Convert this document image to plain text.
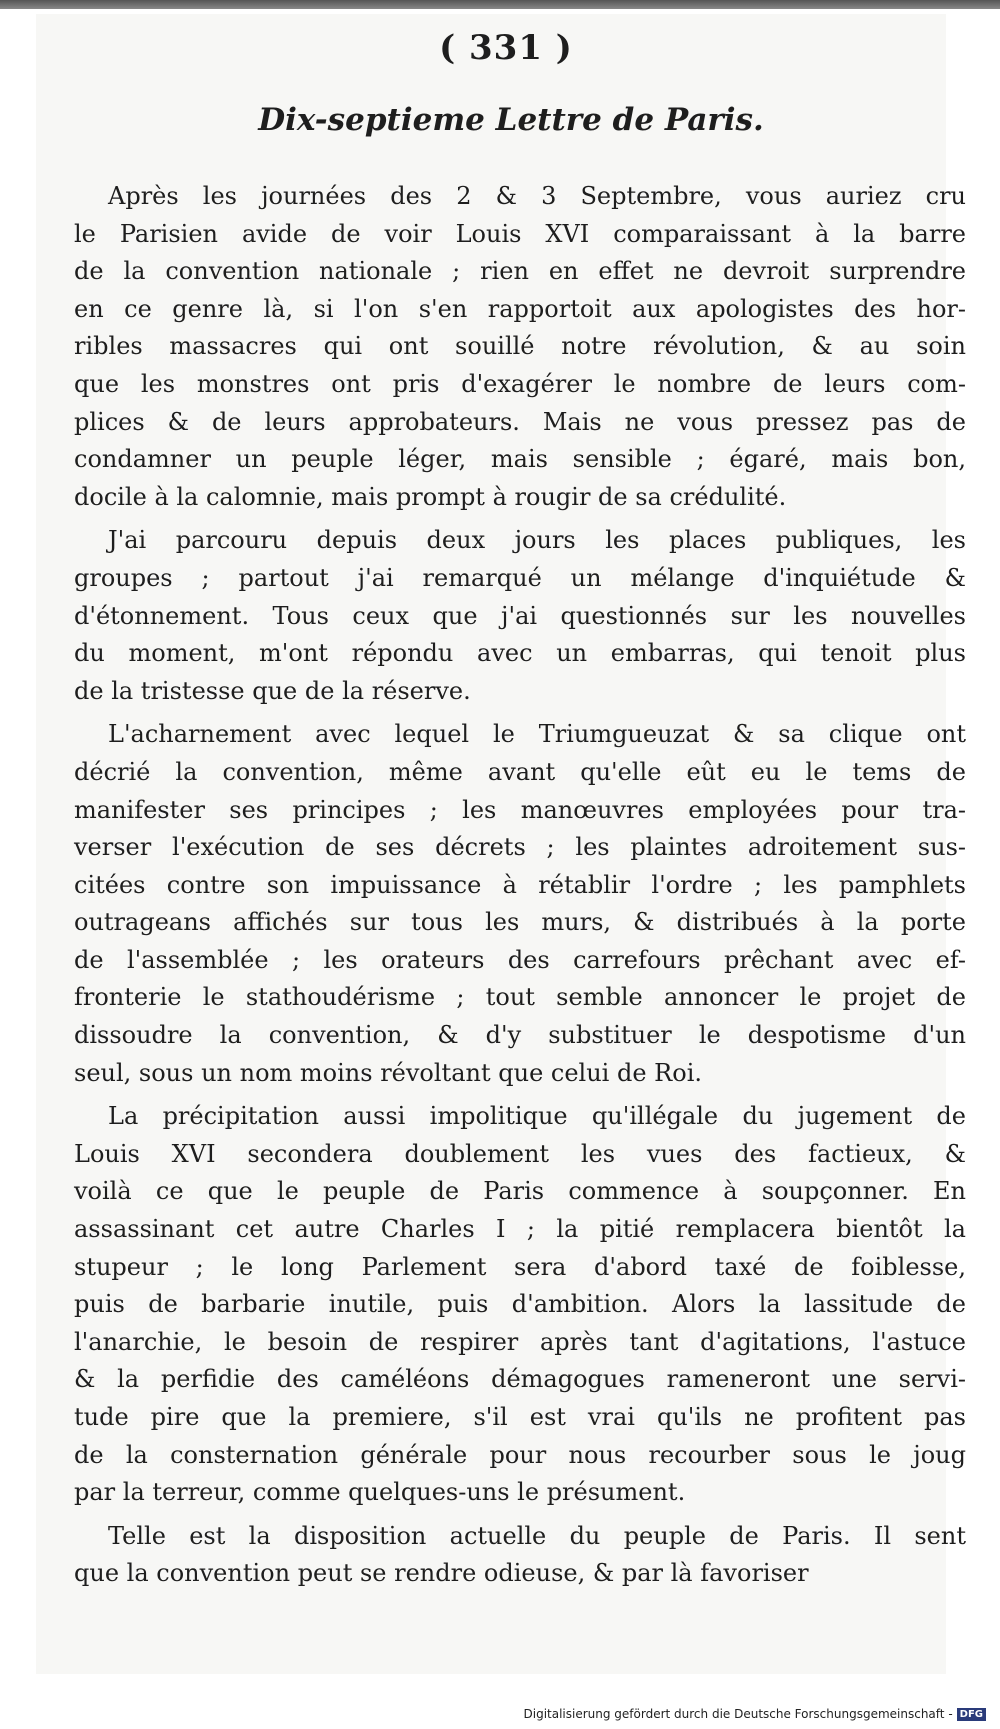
( 331 )
Dix-septieme Lettre de Paris.
Après les journées des 2 & 3 Septembre, vous auriez cru
le Parisien avide de voir Louis XVI comparaissant à la barre
de la convention nationale ; rien en effet ne devroit surprendre
en ce genre là, si l'on s'en rapportoit aux apologistes des hor-
ribles massacres qui ont souillé notre révolution, & au soin
que les monstres ont pris d'exagérer le nombre de leurs com-
plices & de leurs approbateurs. Mais ne vous pressez pas de
condamner un peuple léger, mais sensible ; égaré, mais bon,
docile à la calomnie, mais prompt à rougir de sa crédulité.
J'ai parcouru depuis deux jours les places publiques, les
groupes ; partout j'ai remarqué un mélange d'inquiétude &
d'étonnement. Tous ceux que j'ai questionnés sur les nouvelles
du moment, m'ont répondu avec un embarras, qui tenoit plus
de la tristesse que de la réserve.
L'acharnement avec lequel le Triumgueuzat & sa clique ont
décrié la convention, même avant qu'elle eût eu le tems de
manifester ses principes ; les manœuvres employées pour tra-
verser l'exécution de ses décrets ; les plaintes adroitement sus-
citées contre son impuissance à rétablir l'ordre ; les pamphlets
outrageans affichés sur tous les murs, & distribués à la porte
de l'assemblée ; les orateurs des carrefours prêchant avec ef-
fronterie le stathoudérisme ; tout semble annoncer le projet de
dissoudre la convention, & d'y substituer le despotisme d'un
seul, sous un nom moins révoltant que celui de Roi.
La précipitation aussi impolitique qu'illégale du jugement de
Louis XVI secondera doublement les vues des factieux, &
voilà ce que le peuple de Paris commence à soupçonner. En
assassinant cet autre Charles I ; la pitié remplacera bientôt la
stupeur ; le long Parlement sera d'abord taxé de foiblesse,
puis de barbarie inutile, puis d'ambition. Alors la lassitude de
l'anarchie, le besoin de respirer après tant d'agitations, l'astuce
& la perfidie des caméléons démagogues rameneront une servi-
tude pire que la premiere, s'il est vrai qu'ils ne profitent pas
de la consternation générale pour nous recourber sous le joug
par la terreur, comme quelques-uns le présument.
Telle est la disposition actuelle du peuple de Paris. Il sent
que la convention peut se rendre odieuse, & par là favoriser
Digitalisierung gefördert durch die Deutsche Forschungsgemeinschaft - DFG
